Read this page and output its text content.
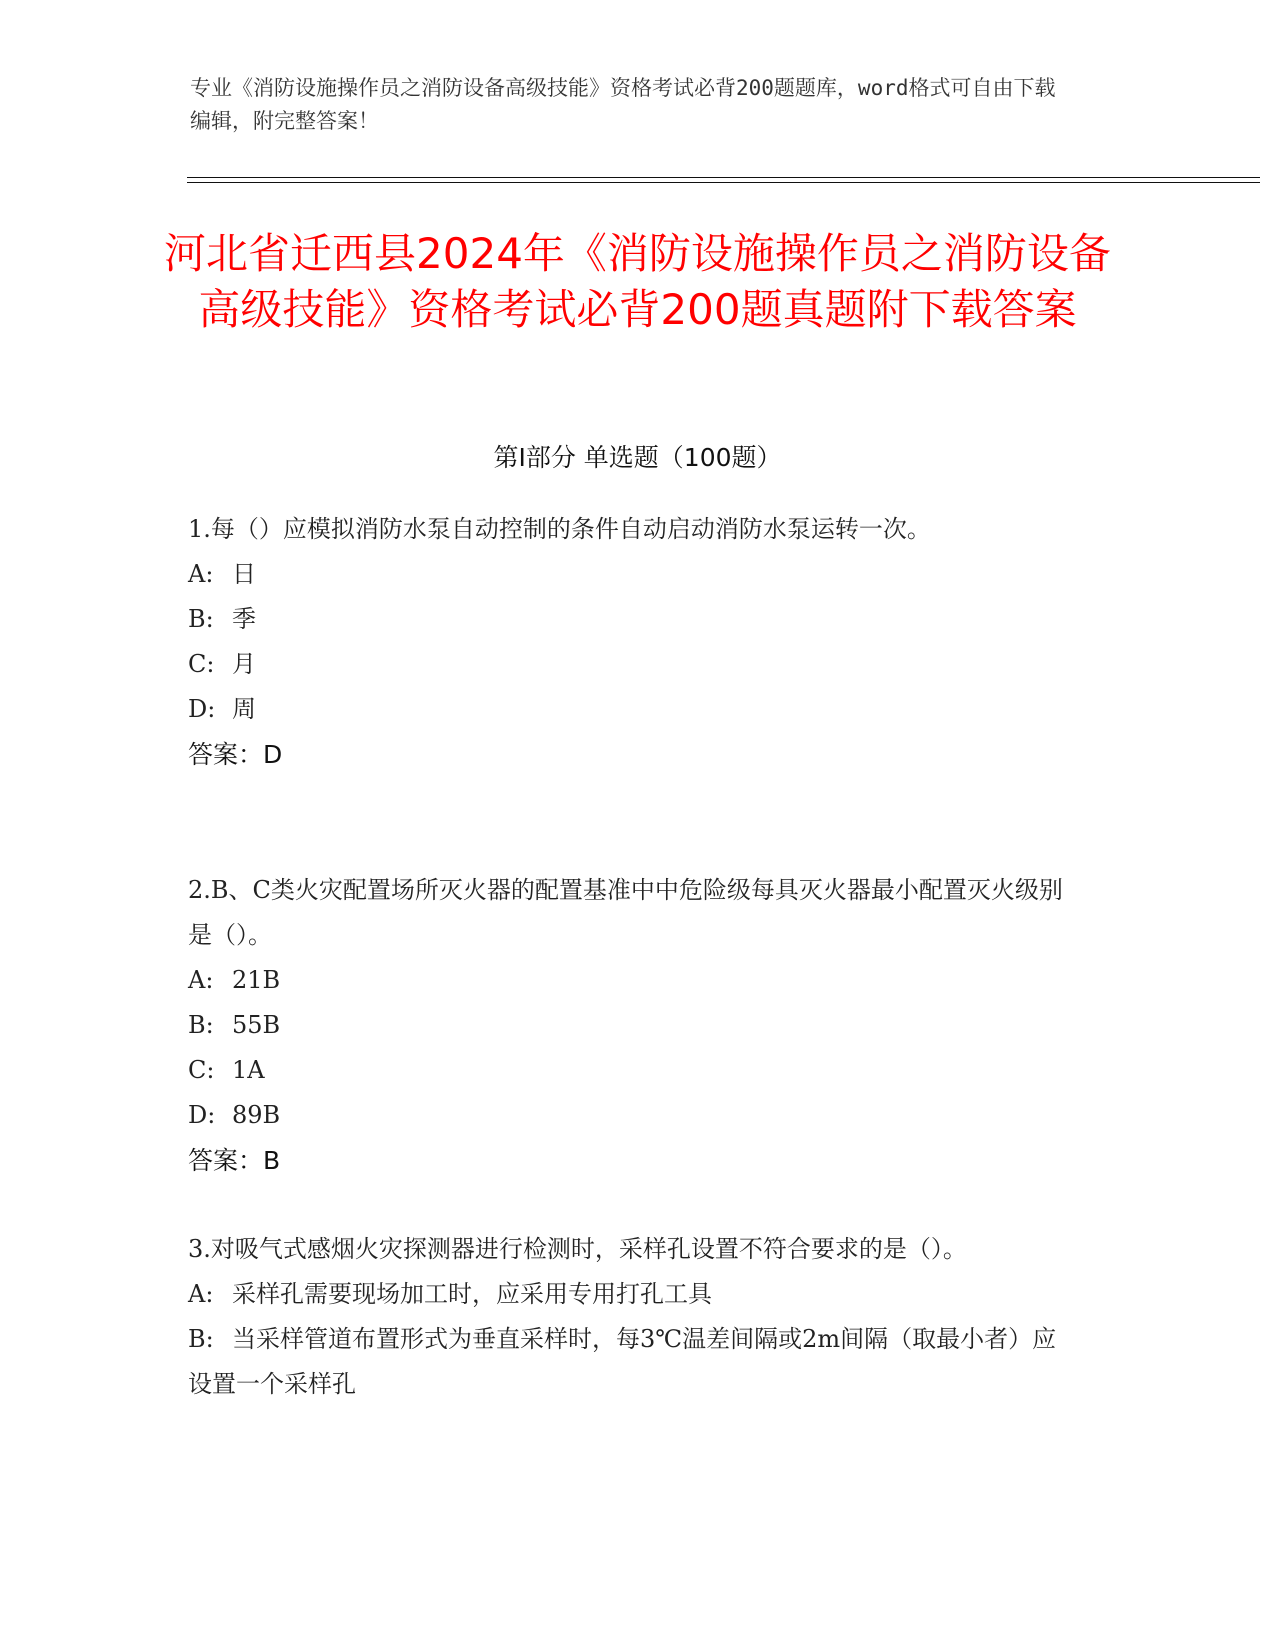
专业《消防设施操作员之消防设备高级技能》资格考试必背200题题库，word格式可自由下载编辑，附完整答案！
河北省迁西县2024年《消防设施操作员之消防设备高级技能》资格考试必背200题真题附下载答案
第I部分 单选题（100题）
1.每（）应模拟消防水泵自动控制的条件自动启动消防水泵运转一次。
A: 日
B: 季
C: 月
D: 周
答案：D
2.B、C类火灾配置场所灭火器的配置基准中中危险级每具灭火器最小配置灭火级别是（）。
A: 21B
B: 55B
C: 1A
D: 89B
答案：B
3.对吸气式感烟火灾探测器进行检测时，采样孔设置不符合要求的是（）。
A: 采样孔需要现场加工时，应采用专用打孔工具
B: 当采样管道布置形式为垂直采样时，每3℃温差间隔或2m间隔（取最小者）应设置一个采样孔
